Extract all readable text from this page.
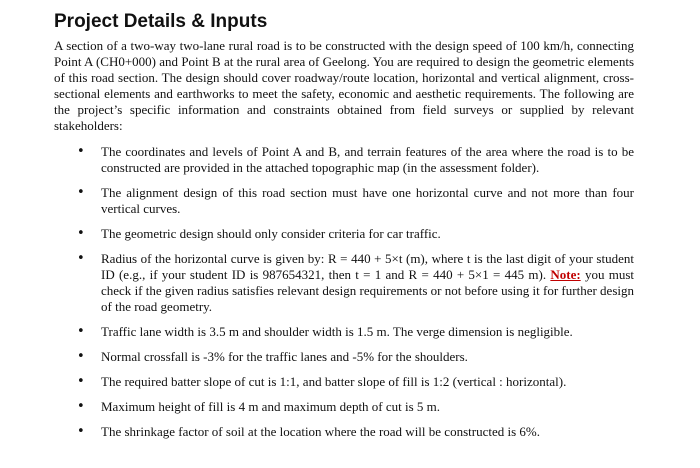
Project Details & Inputs

A section of a two-way two-lane rural road is to be constructed with the design speed of 100 km/h, connecting Point A (CH0+000) and Point B at the rural area of Geelong. You are required to design the geometric elements of this road section. The design should cover roadway/route location, horizontal and vertical alignment, cross-sectional elements and earthworks to meet the safety, economic and aesthetic requirements. The following are the project’s specific information and constraints obtained from field surveys or supplied by relevant stakeholders:

• The coordinates and levels of Point A and B, and terrain features of the area where the road is to be constructed are provided in the attached topographic map (in the assessment folder).
• The alignment design of this road section must have one horizontal curve and not more than four vertical curves.
• The geometric design should only consider criteria for car traffic.
• Radius of the horizontal curve is given by: R = 440 + 5×t (m), where t is the last digit of your student ID (e.g., if your student ID is 987654321, then t = 1 and R = 440 + 5×1 = 445 m). Note: you must check if the given radius satisfies relevant design requirements or not before using it for further design of the road geometry.
• Traffic lane width is 3.5 m and shoulder width is 1.5 m. The verge dimension is negligible.
• Normal crossfall is -3% for the traffic lanes and -5% for the shoulders.
• The required batter slope of cut is 1:1, and batter slope of fill is 1:2 (vertical : horizontal).
• Maximum height of fill is 4 m and maximum depth of cut is 5 m.
• The shrinkage factor of soil at the location where the road will be constructed is 6%.
